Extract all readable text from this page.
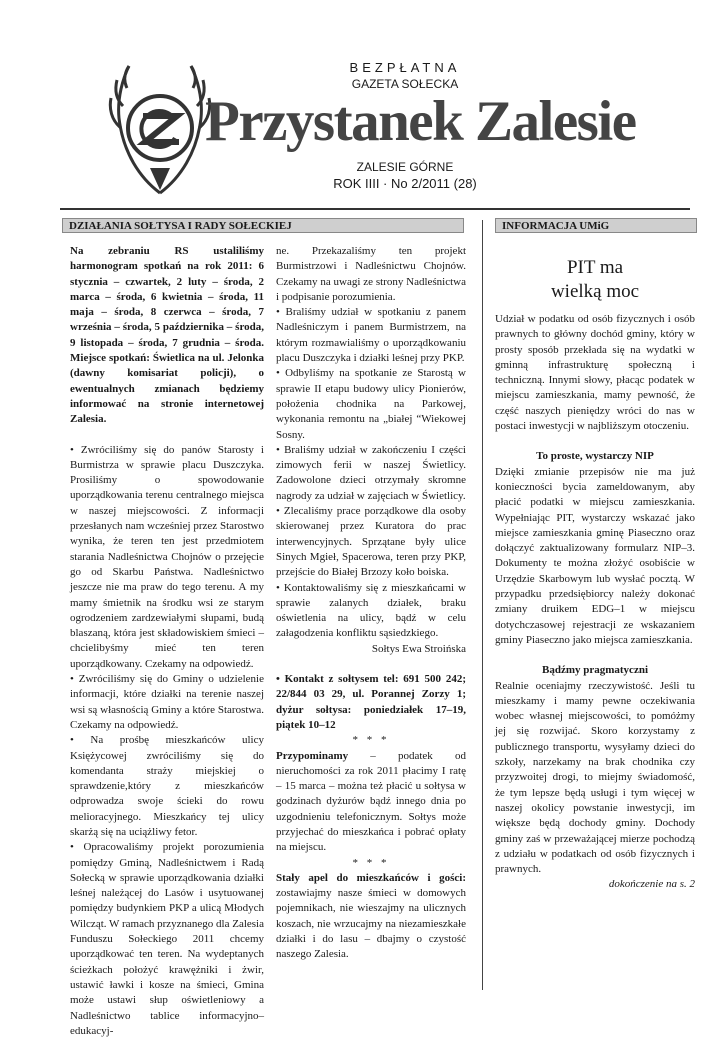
BEZPŁATNA
GAZETA SOŁECKA
Przystanek Zalesie
ZALESIE GÓRNE
ROK IIII · No 2/2011 (28)
DZIAŁANIA SOŁTYSA I RADY SOŁECKIEJ	INFORMACJA UMiG

Na zebraniu RS ustaliliśmy harmonogram spotkań na rok 2011: 6 stycznia – czwartek, 2 luty – środa, 2 marca – środa, 6 kwietnia – środa, 11 maja – środa, 8 czerwca – środa, 7 września – środa, 5 października – środa, 9 listopada – środa, 7 grudnia – środa. Miejsce spotkań: Świetlica na ul. Jelonka (dawny komisariat policji), o ewentualnych zmianach będziemy informować na stronie internetowej Zalesia.

• Zwróciliśmy się do panów Starosty i Burmistrza w sprawie placu Duszczyka. Prosiliśmy o spowodowanie uporządkowania terenu centralnego miejsca w naszej miejscowości. Z informacji przesłanych nam wcześniej przez Starostwo wynika, że teren ten jest przedmiotem starania Nadleśnictwa Chojnów o przejęcie go od Skarbu Państwa. Nadleśnictwo jeszcze nie ma praw do tego terenu. A my mamy śmietnik na środku wsi ze starym ogrodzeniem zardzewiałymi słupami, budą blaszaną, która jest składowiskiem śmieci – chcielibyśmy mieć ten teren uporządkowany. Czekamy na odpowiedź.

• Zwróciliśmy się do Gminy o udzielenie informacji, które działki na terenie naszej wsi są własnością Gminy a które Starostwa. Czekamy na odpowiedź.

• Na prośbę mieszkańców ulicy Księżycowej zwróciliśmy się do komendanta straży miejskiej o sprawdzenie,który z mieszkańców odprowadza swoje ścieki do rowu melioracyjnego. Mieszkańcy tej ulicy skarżą się na uciążliwy fetor.

• Opracowaliśmy projekt porozumienia pomiędzy Gminą, Nadleśnictwem i Radą Sołecką w sprawie uporządkowania działki leśnej należącej do Lasów i usytuowanej pomiędzy budynkiem PKP a ulicą Młodych Wilcząt. W ramach przyznanego dla Zalesia Funduszu Sołeckiego 2011 chcemy uporządkować ten teren. Na wydeptanych ścieżkach położyć krawężniki i żwir, ustawić ławki i kosze na śmieci, Gmina może ustawi słup oświetleniowy a Nadleśnictwo tablice informacyjno– edukacyj-

ne. Przekazaliśmy ten projekt Burmistrzowi i Nadleśnictwu Chojnów. Czekamy na uwagi ze strony Nadleśnictwa i podpisanie porozumienia.

• Braliśmy udział w spotkaniu z panem Nadleśniczym i panem Burmistrzem, na którym rozmawialiśmy o uporządkowaniu placu Duszczyka i działki leśnej przy PKP.

• Odbyliśmy na spotkanie ze Starostą w sprawie II etapu budowy ulicy Pionierów, położenia chodnika na Parkowej, wykonania remontu na „białej “Wiekowej Sosny.

• Braliśmy udział w zakończeniu I części zimowych ferii w naszej Świetlicy. Zadowolone dzieci otrzymały skromne nagrody za udział w zajęciach w Świetlicy.

• Zlecaliśmy prace porządkowe dla osoby skierowanej przez Kuratora do prac interwencyjnych. Sprzątane były ulice Sinych Mgieł, Spacerowa, teren przy PKP, przejście do Białej Brzozy koło boiska.

• Kontaktowaliśmy się z mieszkańcami w sprawie zalanych działek, braku oświetlenia na ulicy, bądź w celu załagodzenia konfliktu sąsiedzkiego.

Sołtys Ewa Stroińska

• Kontakt z sołtysem tel: 691 500 242; 22/844 03 29, ul. Porannej Zorzy 1; dyżur sołtysa: poniedziałek 17–19, piątek 10–12

* * *

Przypominamy – podatek od nieruchomości za rok 2011 płacimy I ratę – 15 marca – można też płacić u sołtysa w godzinach dyżurów bądź innego dnia po uzgodnieniu telefonicznym. Sołtys może przyjechać do mieszkańca i pobrać opłaty na miejscu.

* * *

Stały apel do mieszkańców i gości: zostawiajmy nasze śmieci w domowych pojemnikach, nie wieszajmy na ulicznych koszach, nie wrzucajmy na niezamieszkałe działki i do lasu – dbajmy o czystość naszego Zalesia.

PIT ma

wielką moc

Udział w podatku od osób fizycznych i osób prawnych to główny dochód gminy, który w prosty sposób przekłada się na wydatki w gminną infrastrukturę społeczną i techniczną. Innymi słowy, płacąc podatek w miejscu zamieszkania, mamy pewność, że część naszych pieniędzy wróci do nas w postaci inwestycji w najbliższym otoczeniu.

To proste, wystarczy NIP

Dzięki zmianie przepisów nie ma już konieczności bycia zameldowanym, aby płacić podatki w miejscu zamieszkania. Wypełniając PIT, wystarczy wskazać jako miejsce zamieszkania gminę Piaseczno oraz dołączyć zaktualizowany formularz NIP–3. Dokumenty te można złożyć osobiście w Urzędzie Skarbowym lub wysłać pocztą. W przypadku przedsiębiorcy należy dokonać zmiany druikem EDG–1 w miejscu dotychczasowej rejestracji ze wskazaniem gminy Piaseczno jako miejsca zamieszkania.

Bądźmy pragmatyczni

Realnie oceniajmy rzeczywistość. Jeśli tu mieszkamy i mamy pewne oczekiwania wobec własnej miejscowości, to pomóżmy jej się rozwijać. Skoro korzystamy z publicznego transportu, wysyłamy dzieci do szkoły, narzekamy na brak chodnika czy przyzwoitej drogi, to miejmy świadomość, że tym lepsze będą usługi i tym więcej w naszej okolicy powstanie inwestycji, im większe będą dochody gminy. Dochody gminy zaś w przeważającej mierze pochodzą z udziału w podatkach od osób fizycznych i prawnych.

dokończenie na s. 2
